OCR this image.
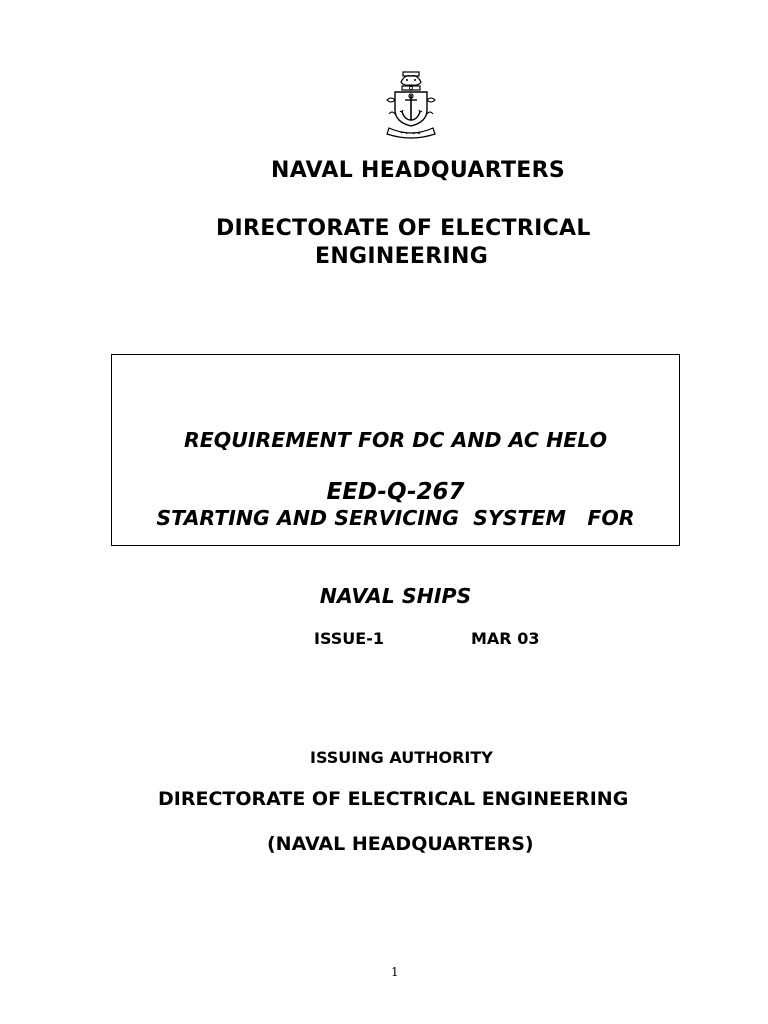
NAVAL HEADQUARTERS
DIRECTORATE OF ELECTRICAL
ENGINEERING

REQUIREMENT FOR DC AND AC HELO

STARTING AND SERVICING  SYSTEM   FOR

NAVAL SHIPS

EED-Q-267
ISSUE-1	MAR 03
ISSUING AUTHORITY
DIRECTORATE OF ELECTRICAL ENGINEERING
(NAVAL HEADQUARTERS)
1
